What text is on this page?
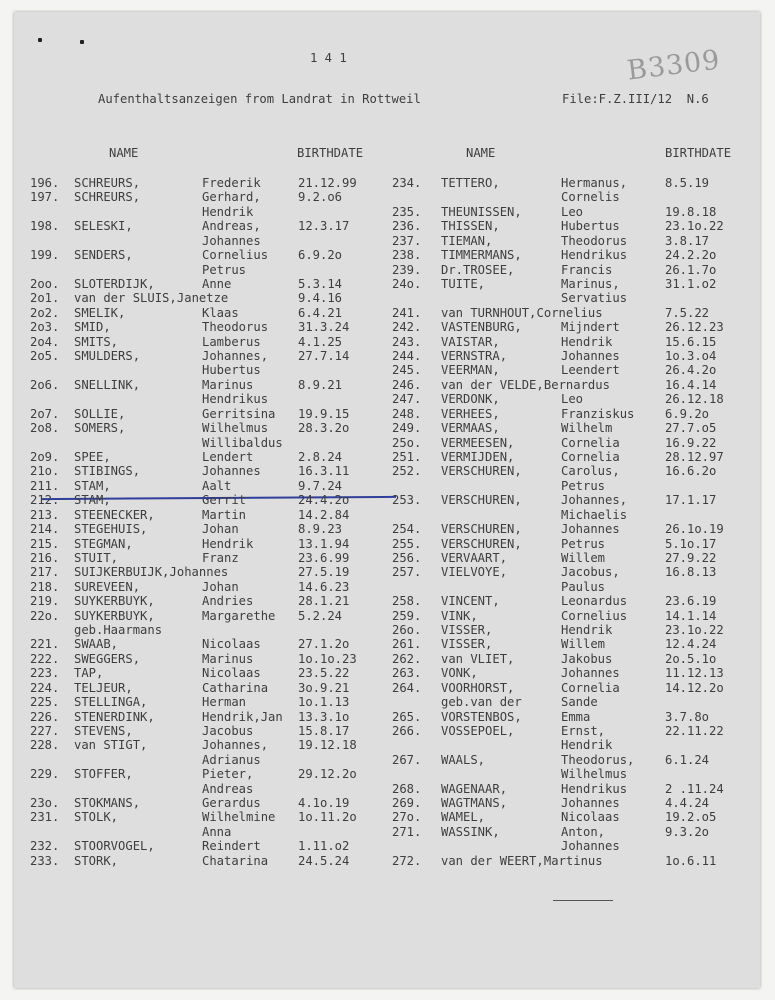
1 4 1	B3309
Aufenthaltsanzeigen from Landrat in Rottweil	File:F.Z.III/12  N.6
NAME	BIRTHDATE	NAME	BIRTHDATE
196. SCHREURS,	Frederik	21.12.99
197. SCHREURS,	Gerhard,	9.2.o6
Hendrik
198. SELESKI,	Andreas,	12.3.17
Johannes
199. SENDERS,	Cornelius 6.9.2o
Petrus
2oo. SLOTERDIJK,	Anne	5.3.14
2o1. van der SLUIS, Janetze	9.4.16
2o2. SMELIK,	Klaas	6.4.21
2o3. SMID,	Theodorus 31.3.24
2o4. SMITS,	Lamberus	4.1.25
2o5. SMULDERS,	Johannes, 27.7.14
Hubertus
2o6. SNELLINK,	Marinus	8.9.21
Hendrikus
2o7. SOLLIE,	Gerritsina 19.9.15
2o8. SOMERS,	Wilhelmus 28.3.2o
Willibaldus
2o9. SPEE,	Lendert	2.8.24
21o. STIBINGS,	Johannes	16.3.11
211. STAM,	Aalt	9.7.24
212. STAM,	Gerrit	24.4.2o
213. STEENECKER,	Martin	14.2.84
214. STEGEHUIS,	Johan	8.9.23
215. STEGMAN,	Hendrik	13.1.94
216. STUIT,	Franz	23.6.99
217. SUIJKERBUIJK, Johannes	27.5.19
218. SUREVEEN,	Johan	14.6.23
219. SUYKERBUYK,	Andries	28.1.21
22o. SUYKERBUYK,	Margarethe 5.2.24
geb.Haarmans
221. SWAAB,	Nicolaas	27.1.2o
222. SWEGGERS,	Marinus	1o.1o.23
223. TAP,	Nicolaas	23.5.22
224. TELJEUR,	Catharina 3o.9.21
225. STELLINGA,	Herman	1o.1.13
226. STENERDINK,	Hendrik,Jan 13.3.1o
227. STEVENS,	Jacobus	15.8.17
228. van STIGT,	Johannes, 19.12.18
Adrianus
229. STOFFER,	Pieter,	29.12.2o
Andreas
23o. STOKMANS,	Gerardus	4.1o.19
231. STOLK,	Wilhelmine 1o.11.2o
Anna
232. STOORVOGEL,	Reindert	1.11.o2
233. STORK,	Chatarina 24.5.24
234. TETTERO,	Hermanus,	8.5.19
Cornelis
235. THEUNISSEN,	Leo	19.8.18
236. THISSEN,	Hubertus	23.1o.22
237. TIEMAN,	Theodorus	3.8.17
238. TIMMERMANS,	Hendrikus	24.2.2o
239. Dr.TROSEE,	Francis	26.1.7o
24o. TUITE,	Marinus,	31.1.o2
Servatius
241. van TURNHOUT, Cornelius	7.5.22
242. VASTENBURG,	Mijndert	26.12.23
243. VAISTAR,	Hendrik	15.6.15
244. VERNSTRA,	Johannes	1o.3.o4
245. VEERMAN,	Leendert	26.4.2o
246. van der VELDE, Bernardus	16.4.14
247. VERDONK,	Leo	26.12.18
248. VERHEES,	Franziskus	6.9.2o
249. VERMAAS,	Wilhelm	27.7.o5
25o. VERMEESEN,	Cornelia	16.9.22
251. VERMIJDEN,	Cornelia	28.12.97
252. VERSCHUREN,	Carolus,	16.6.2o
Petrus
253. VERSCHUREN,	Johannes,	17.1.17
Michaelis
254. VERSCHUREN,	Johannes	26.1o.19
255. VERSCHUREN,	Petrus	5.1o.17
256. VERVAART,	Willem	27.9.22
257. VIELVOYE,	Jacobus,	16.8.13
Paulus
258. VINCENT,	Leonardus	23.6.19
259. VINK,	Cornelius	14.1.14
26o. VISSER,	Hendrik	23.1o.22
261. VISSER,	Willem	12.4.24
262. van VLIET,	Jakobus	2o.5.1o
263. VONK,	Johannes	11.12.13
264. VOORHORST,	Cornelia	14.12.2o
geb.van der	Sande
265. VORSTENBOS,	Emma	3.7.8o
266. VOSSEPOEL,	Ernst,	22.11.22
Hendrik
267. WAALS,	Theodorus,	6.1.24
Wilhelmus
268. WAGENAAR,	Hendrikus	2 .11.24
269. WAGTMANS,	Johannes	4.4.24
27o. WAMEL,	Nicolaas	19.2.o5
271. WASSINK,	Anton,	9.3.2o
Johannes
272. van der WEERT, Martinus	1o.6.11
